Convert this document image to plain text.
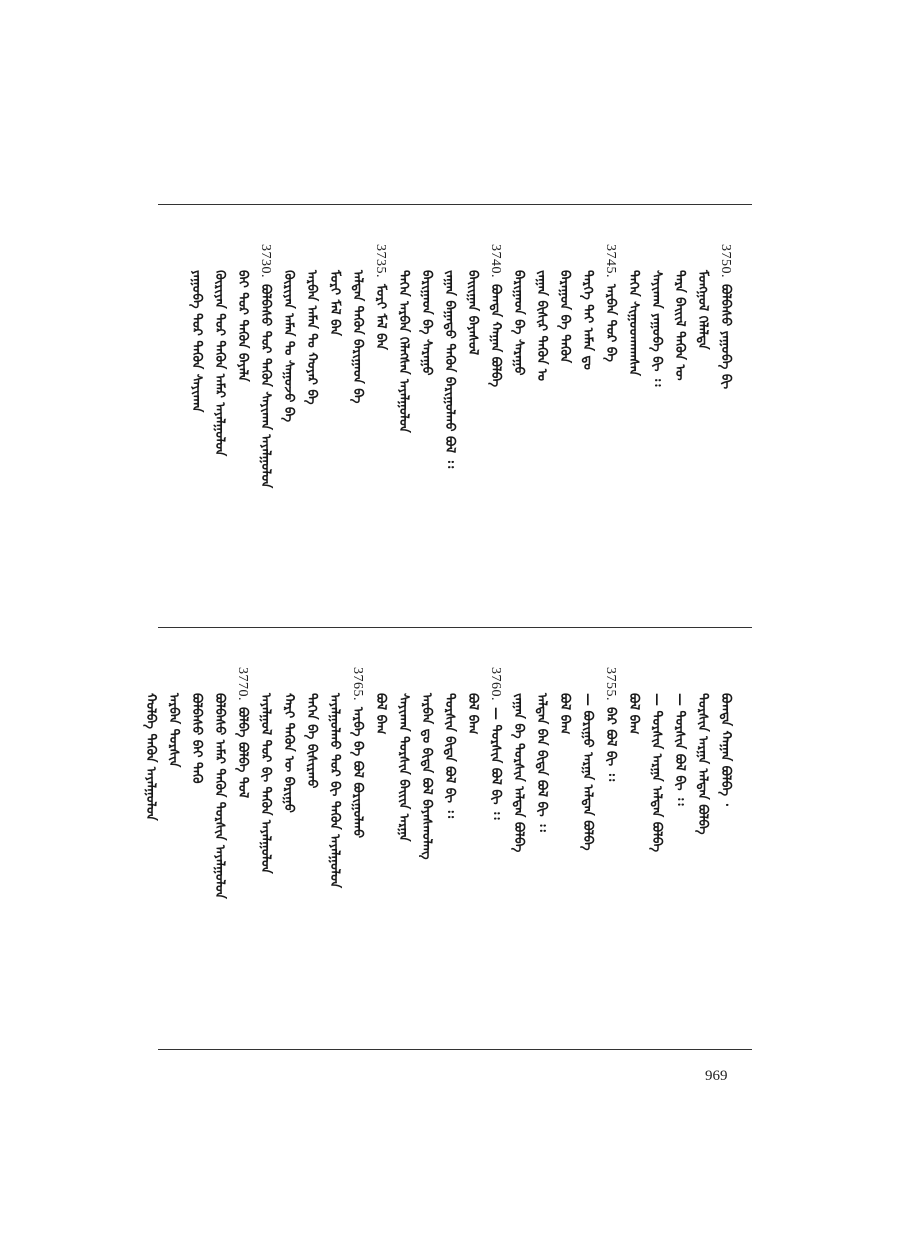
3750.
ᠪᠣᠯᠪᠠᠰᠤ ᠶᠠᠭᠤᠪᠠ ᠪᠢ
ᠮᠣᠩᠭᠣᠯ ᠬᠡᠯᠡᠯᠲᠡ
ᠲᠡᠷᠡ ᠪᠠᠢᠢᠯ ᠲᠡᠭᠦᠨ ᠦ
ᠰᠠᠶᠢᠬᠠᠨ ᠶᠠᠭᠤᠪᠠ ᠪᠢ ᠄᠄
ᠲᠡᠭᠡᠨ ᠰᠢᠭᠤᠳᠬᠠᠭᠰᠠᠨ
3745.
ᠠᠷᠪᠠᠨ ᠳᠤᠷ ᠪᠡ
ᠲᠡᠷᠭᠡ ᠲᠡᠢ ᠠᠮᠠᠨ ᠳᠤ
ᠪᠠᠷᠠᠭᠤᠨ ᠪᠠ ᠲᠡᠭᠦᠨ
ᠵᠠᠭᠠᠨ ᠪᠢᠰᠢᠷ ᠲᠡᠭᠦᠨ ᠤ
ᠪᠠᠷᠢᠭᠠᠳ ᠪᠠ ᠰᠠᠷᠠᠭᠤ
3740.
ᠪᠣᠭᠳᠠ ᠬᠠᠭᠠᠨ ᠪᠣᠯᠪᠠ
ᠪᠠᠢᠢᠭᠠᠨ ᠪᠠᠶᠠᠰᠤᠯ
ᠵᠠᠭᠠᠨ ᠪᠠᠭᠠᠲᠤ ᠲᠡᠭᠦᠨ ᠪᠠᠷᠢᠭᠤᠯᠬᠤ ᠪᠣᠯ ᠄᠄
ᠪᠠᠷᠢᠭᠠᠳ ᠪᠠ ᠰᠠᠷᠠᠭᠤ
ᠲᠡᠭᠡᠨ ᠠᠷᠪᠠᠨ ᠬᠡᠯᠡᠭᠰᠡᠨ ᠠᠶᠠᠯᠭᠤᠯᠤᠨ
3735.
ᠮᠣᠷᠢ ᠮᠠᠯ ᠪᠠᠨ
ᠠᠯᠳᠠᠨ ᠲᠡᠭᠦᠨ ᠪᠠᠷᠢᠭᠠᠳ ᠪᠠ
ᠮᠣᠷᠢ ᠮᠠᠯ ᠪᠠᠨ
ᠠᠷᠪᠠᠨ ᠠᠮᠠᠨ ᠲᠤ ᠬᠣᠶᠠᠷ ᠪᠠ
ᠬᠦᠷᠢᠶᠡᠨ ᠠᠮᠠᠨ ᠲᠤ ᠰᠠᠭᠤᠵᠤ ᠪᠠ
3730.
ᠪᠣᠯᠪᠠᠰᠤ ᠳᠤᠷ ᠲᠡᠭᠦᠨ ᠰᠠᠶᠢᠬᠠᠨ ᠠᠶᠠᠯᠭᠤᠯᠤᠨ
ᠪᠠᠢ ᠳᠤᠷ ᠲᠡᠭᠦᠨ ᠪᠠᠶᠠᠯᠠ
ᠬᠦᠷᠢᠶᠡᠨ ᠳᠤᠷ ᠲᠡᠭᠦᠨ ᠠᠮᠠᠷ ᠠᠶᠠᠯᠭᠤᠯᠤᠨ
ᠶᠠᠭᠤᠪᠠ ᠳᠤᠷ ᠲᠡᠭᠦᠨ ᠰᠠᠶᠢᠬᠠᠨ
ᠪᠣᠭᠳᠠ ᠬᠠᠭᠠᠨ ᠪᠣᠯᠪᠠ ᠂
ᠲᠤᠷᠰᠢᠨ ᠠᠷᠭᠠ ᠠᠯᠳᠠᠨ ᠪᠣᠯᠪᠠ
— ᠲᠤᠷᠰᠢᠨ ᠪᠣᠯ ᠪᠢ ᠄᠄
— ᠲᠣᠷᠰᠢᠨ ᠠᠷᠭᠠ ᠠᠯᠳᠠᠨ ᠪᠣᠯᠪᠠ
ᠪᠣᠯ ᠪᠠᠭ
3755.
ᠪᠠᠷ ᠪᠣᠯ ᠪᠢ ᠄᠄
— ᠪᠣᠷᠢᠭᠤ ᠠᠷᠭᠠ ᠠᠯᠳᠠᠨ ᠪᠣᠯᠪᠠ
ᠪᠣᠯ ᠪᠠᠭ
ᠠᠯᠳᠠᠨ ᠪᠠᠨ ᠪᠢᠳᠡ ᠪᠣᠯ ᠪᠢ ᠄᠄
ᠵᠠᠭᠠᠨ ᠪᠠ ᠲᠤᠷᠰᠢᠨ ᠠᠯᠳᠠᠨ ᠪᠣᠯᠪᠠ
3760.
— ᠲᠤᠷᠰᠢᠨ ᠪᠣᠯ ᠪᠢ ᠄᠄
ᠪᠣᠯ ᠪᠠᠭ
ᠲᠤᠷᠰᠢᠨ ᠪᠢᠳᠡ ᠪᠣᠯ ᠪᠢ ᠄᠄
ᠠᠷᠪᠠᠨ ᠳᠤ ᠪᠢᠳᠡ ᠪᠣᠯ ᠪᠠᠶᠠᠰᠬᠤᠯᠠᠩ
ᠰᠠᠶᠢᠬᠠᠨ ᠲᠤᠷᠰᠢᠨ ᠪᠠᠢᠢᠨ ᠠᠷᠭᠠ
ᠪᠣᠯ ᠪᠠᠭ
3765.
ᠠᠷᠪᠠ ᠪᠠ ᠪᠣᠯ ᠪᠣᠷᠢᠭᠤᠯᠬᠤ
ᠠᠶᠠᠯᠭᠤᠯᠬᠤ ᠳᠤᠷ ᠪᠢ ᠲᠡᠭᠦᠨ ᠠᠶᠠᠯᠭᠤᠯᠤᠨ
ᠲᠡᠭᠡᠨ ᠪᠠ ᠪᠢᠰᠢᠷᠬᠤ
ᠬᠠᠷᠢ ᠲᠡᠭᠦᠨ ᠦ ᠪᠠᠷᠢᠭᠤ
ᠠᠶᠠᠯᠭᠤᠯ ᠳᠤᠷ ᠪᠢ ᠲᠡᠭᠦᠨ ᠠᠶᠠᠯᠭᠤᠯᠤᠨ
3770.
ᠪᠣᠯᠪᠠ ᠪᠣᠯᠪᠠ ᠲᠤᠯ
ᠪᠣᠯᠪᠠᠰᠤ ᠠᠮᠠᠷ ᠲᠡᠭᠦᠨ ᠲᠤᠷᠰᠢᠨ ᠠᠶᠠᠯᠭᠤᠯᠤᠨ
ᠪᠣᠯᠪᠠᠰᠤ ᠪᠠᠢ ᠲᠡᠭᠦ
ᠠᠷᠪᠠᠨ ᠲᠤᠷᠰᠢᠨ
ᠬᠣᠯᠪᠠ ᠲᠡᠭᠦᠨ ᠠᠶᠠᠯᠭᠤᠯᠤᠨ
969
